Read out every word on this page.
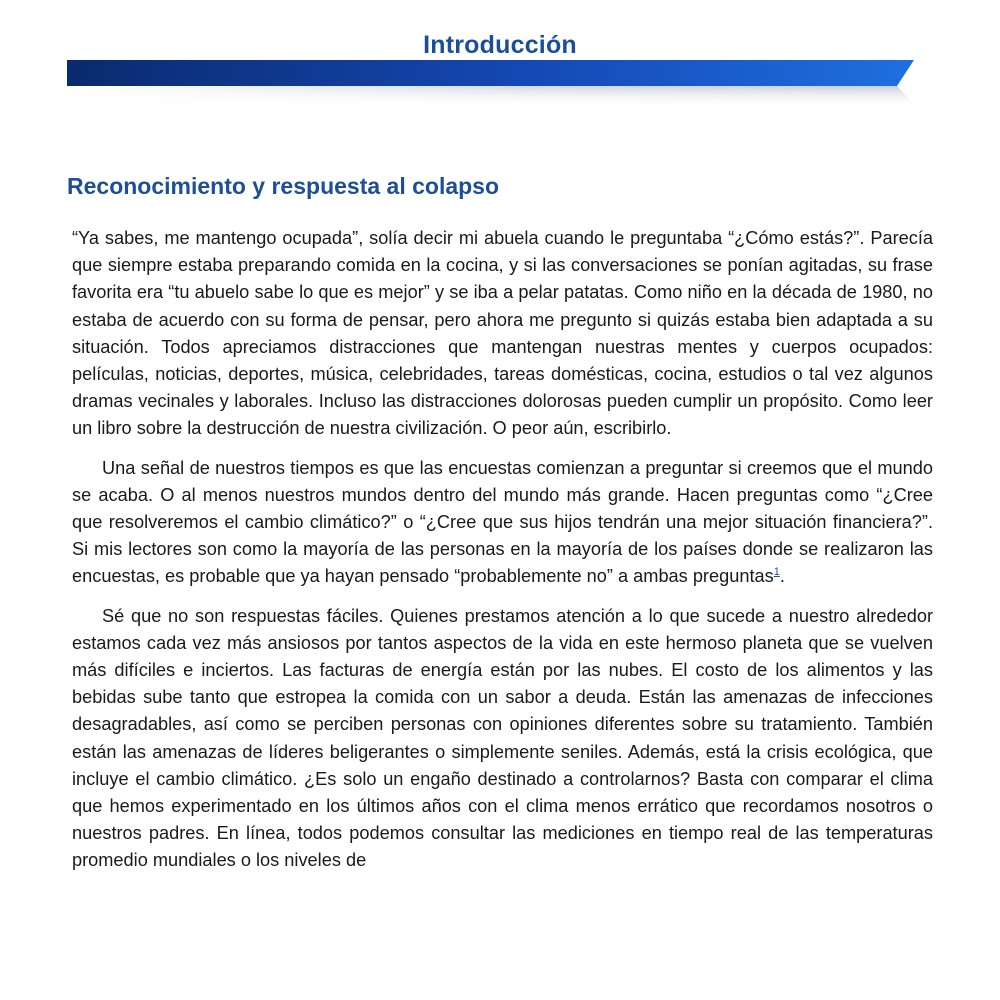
Introducción
Reconocimiento y respuesta al colapso

“Ya sabes, me mantengo ocupada”, solía decir mi abuela cuando le preguntaba “¿Cómo estás?”. Parecía que siempre estaba preparando comida en la cocina, y si las conversaciones se ponían agitadas, su frase favorita era “tu abuelo sabe lo que es mejor” y se iba a pelar patatas. Como niño en la década de 1980, no estaba de acuerdo con su forma de pensar, pero ahora me pregunto si quizás estaba bien adaptada a su situación. Todos apreciamos distracciones que mantengan nuestras mentes y cuerpos ocupados: películas, noticias, deportes, música, celebridades, tareas domésticas, cocina, estudios o tal vez algunos dramas vecinales y laborales. Incluso las distracciones dolorosas pueden cumplir un propósito. Como leer un libro sobre la destrucción de nuestra civilización. O peor aún, escribirlo.

Una señal de nuestros tiempos es que las encuestas comienzan a preguntar si creemos que el mundo se acaba. O al menos nuestros mundos dentro del mundo más grande. Hacen preguntas como “¿Cree que resolveremos el cambio climático?” o “¿Cree que sus hijos tendrán una mejor situación financiera?”. Si mis lectores son como la mayoría de las personas en la mayoría de los países donde se realizaron las encuestas, es probable que ya hayan pensado “probablemente no” a ambas preguntas$^1$.

Sé que no son respuestas fáciles. Quienes prestamos atención a lo que sucede a nuestro alrededor estamos cada vez más ansiosos por tantos aspectos de la vida en este hermoso planeta que se vuelven más difíciles e inciertos. Las facturas de energía están por las nubes. El costo de los alimentos y las bebidas sube tanto que estropea la comida con un sabor a deuda. Están las amenazas de infecciones desagradables, así como se perciben personas con opiniones diferentes sobre su tratamiento. También están las amenazas de líderes beligerantes o simplemente seniles. Además, está la crisis ecológica, que incluye el cambio climático. ¿Es solo un engaño destinado a controlarnos? Basta con comparar el clima que hemos experimentado en los últimos años con el clima menos errático que recordamos nosotros o nuestros padres. En línea, todos podemos consultar las mediciones en tiempo real de las temperaturas promedio mundiales o los niveles de
